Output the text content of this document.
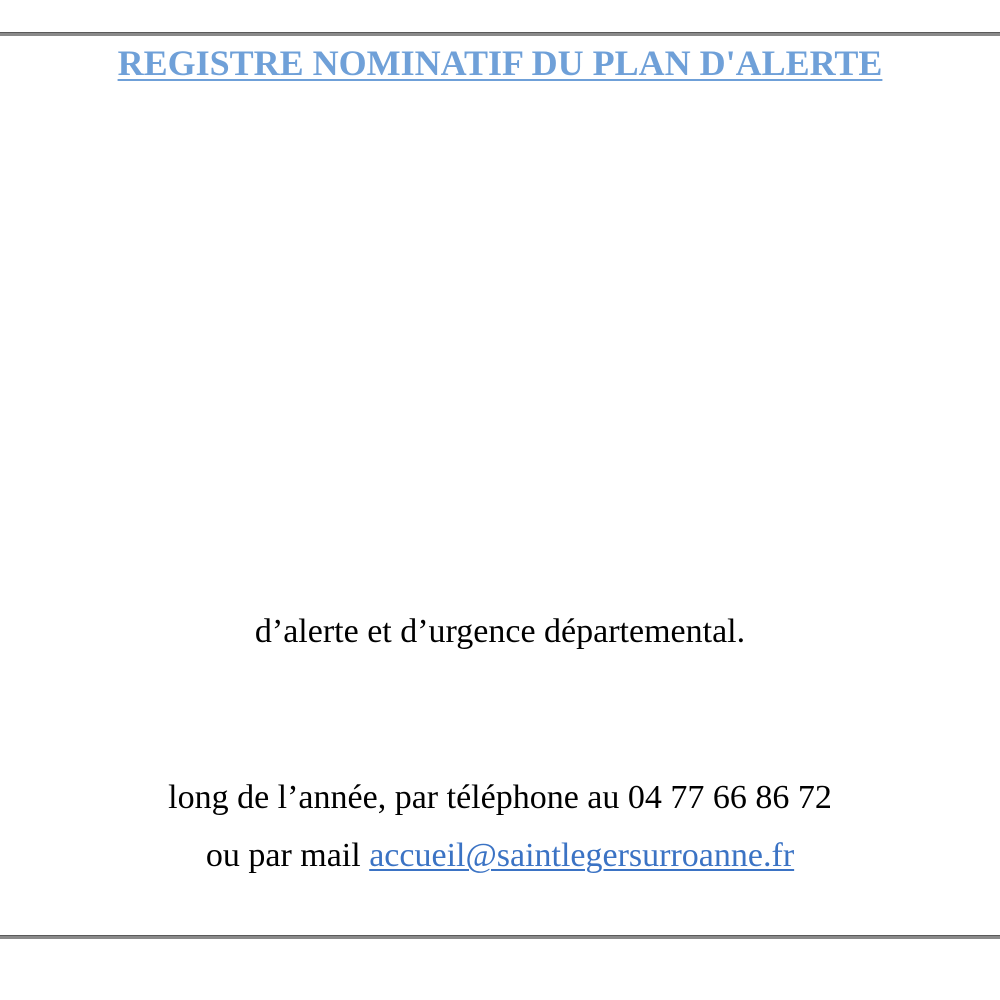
REGISTRE NOMINATIF DU PLAN D'ALERTE
d’alerte et d’urgence départemental.
long de l’année, par téléphone au 04 77 66 86 72
ou par mail accueil@saintlegersurroanne.fr
